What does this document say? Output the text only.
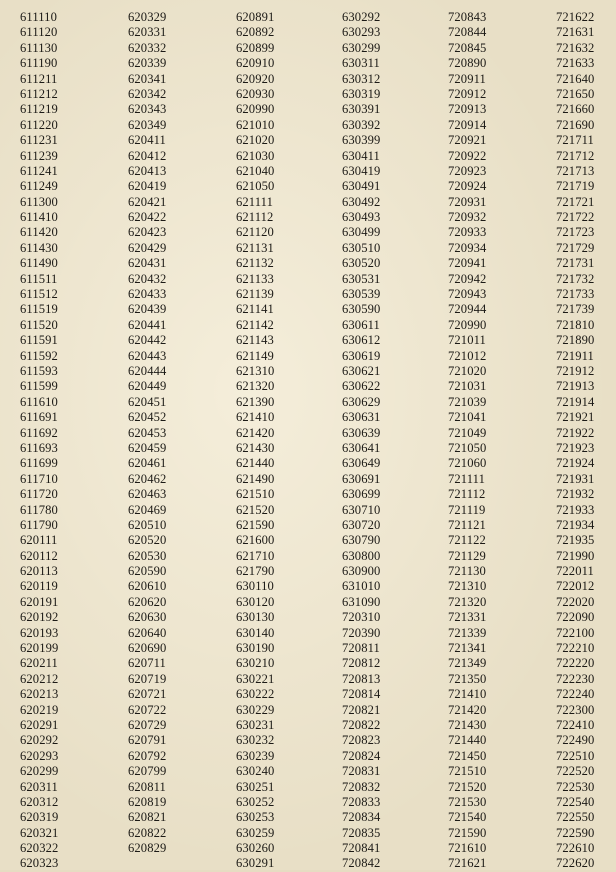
611110
611120
611130
611190
611211
611212
611219
611220
611231
611239
611241
611249
611300
611410
611420
611430
611490
611511
611512
611519
611520
611591
611592
611593
611599
611610
611691
611692
611693
611699
611710
611720
611780
611790
620111
620112
620113
620119
620191
620192
620193
620199
620211
620212
620213
620219
620291
620292
620293
620299
620311
620312
620319
620321
620322
620323
620329
620331
620332
620339
620341
620342
620343
620349
620411
620412
620413
620419
620421
620422
620423
620429
620431
620432
620433
620439
620441
620442
620443
620444
620449
620451
620452
620453
620459
620461
620462
620463
620469
620510
620520
620530
620590
620610
620620
620630
620640
620690
620711
620719
620721
620722
620729
620791
620792
620799
620811
620819
620821
620822
620829
620891
620892
620899
620910
620920
620930
620990
621010
621020
621030
621040
621050
621111
621112
621120
621131
621132
621133
621139
621141
621142
621143
621149
621310
621320
621390
621410
621420
621430
621440
621490
621510
621520
621590
621600
621710
621790
630110
630120
630130
630140
630190
630210
630221
630222
630229
630231
630232
630239
630240
630251
630252
630253
630259
630260
630291
630292
630293
630299
630311
630312
630319
630391
630392
630399
630411
630419
630491
630492
630493
630499
630510
630520
630531
630539
630590
630611
630612
630619
630621
630622
630629
630631
630639
630641
630649
630691
630699
630710
630720
630790
630800
630900
631010
631090
720310
720390
720811
720812
720813
720814
720821
720822
720823
720824
720831
720832
720833
720834
720835
720841
720842
720843
720844
720845
720890
720911
720912
720913
720914
720921
720922
720923
720924
720931
720932
720933
720934
720941
720942
720943
720944
720990
721011
721012
721020
721031
721039
721041
721049
721050
721060
721111
721112
721119
721121
721122
721129
721130
721310
721320
721331
721339
721341
721349
721350
721410
721420
721430
721440
721450
721510
721520
721530
721540
721590
721610
721621
721622
721631
721632
721633
721640
721650
721660
721690
721711
721712
721713
721719
721721
721722
721723
721729
721731
721732
721733
721739
721810
721890
721911
721912
721913
721914
721921
721922
721923
721924
721931
721932
721933
721934
721935
721990
722011
722012
722020
722090
722100
722210
722220
722230
722240
722300
722410
722490
722510
722520
722530
722540
722550
722590
722610
722620
